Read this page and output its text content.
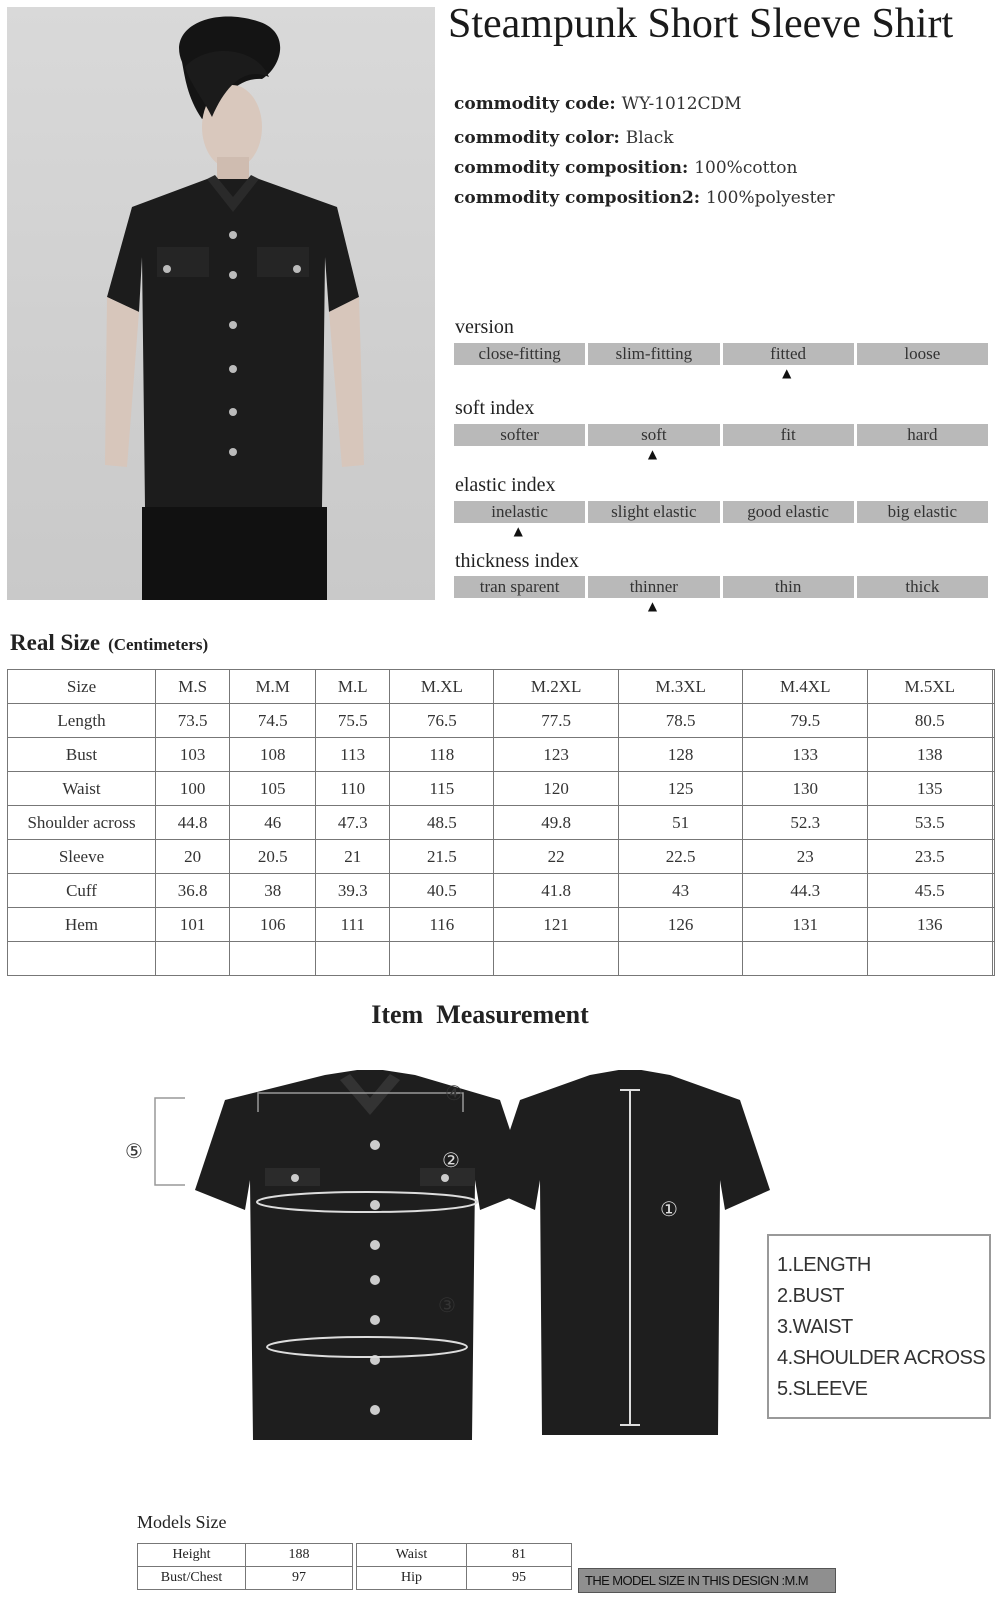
Steampunk Short Sleeve Shirt
commodity code: WY-1012CDM
commodity color: Black
commodity composition: 100%cotton
commodity composition2: 100%polyester
version
close-fitting	slim-fitting	fitted	loose
▲
soft index
softer	soft	fit	hard
▲
elastic index
inelastic	slight elastic	good elastic	big elastic
▲
thickness index
tran sparent	thinner	thin	thick
▲
Real Size (Centimeters)
Size	M.S	M.M	M.L	M.XL	M.2XL	M.3XL	M.4XL	M.5XL	
Length	73.5	74.5	75.5	76.5	77.5	78.5	79.5	80.5	
Bust	103	108	113	118	123	128	133	138	
Waist	100	105	110	115	120	125	130	135	
Shoulder across	44.8	46	47.3	48.5	49.8	51	52.3	53.5	
Sleeve	20	20.5	21	21.5	22	22.5	23	23.5	
Cuff	36.8	38	39.3	40.5	41.8	43	44.3	45.5	
Hem	101	106	111	116	121	126	131	136	

Item  Measurement
④
⑤	②
③
①
1.LENGTH
2.BUST
3.WAIST
4.SHOULDER ACROSS
5.SLEEVE
Models Size
Height	188
Bust/Chest	97
Waist	81
Hip	95	THE MODEL SIZE IN THIS DESIGN :M.M
